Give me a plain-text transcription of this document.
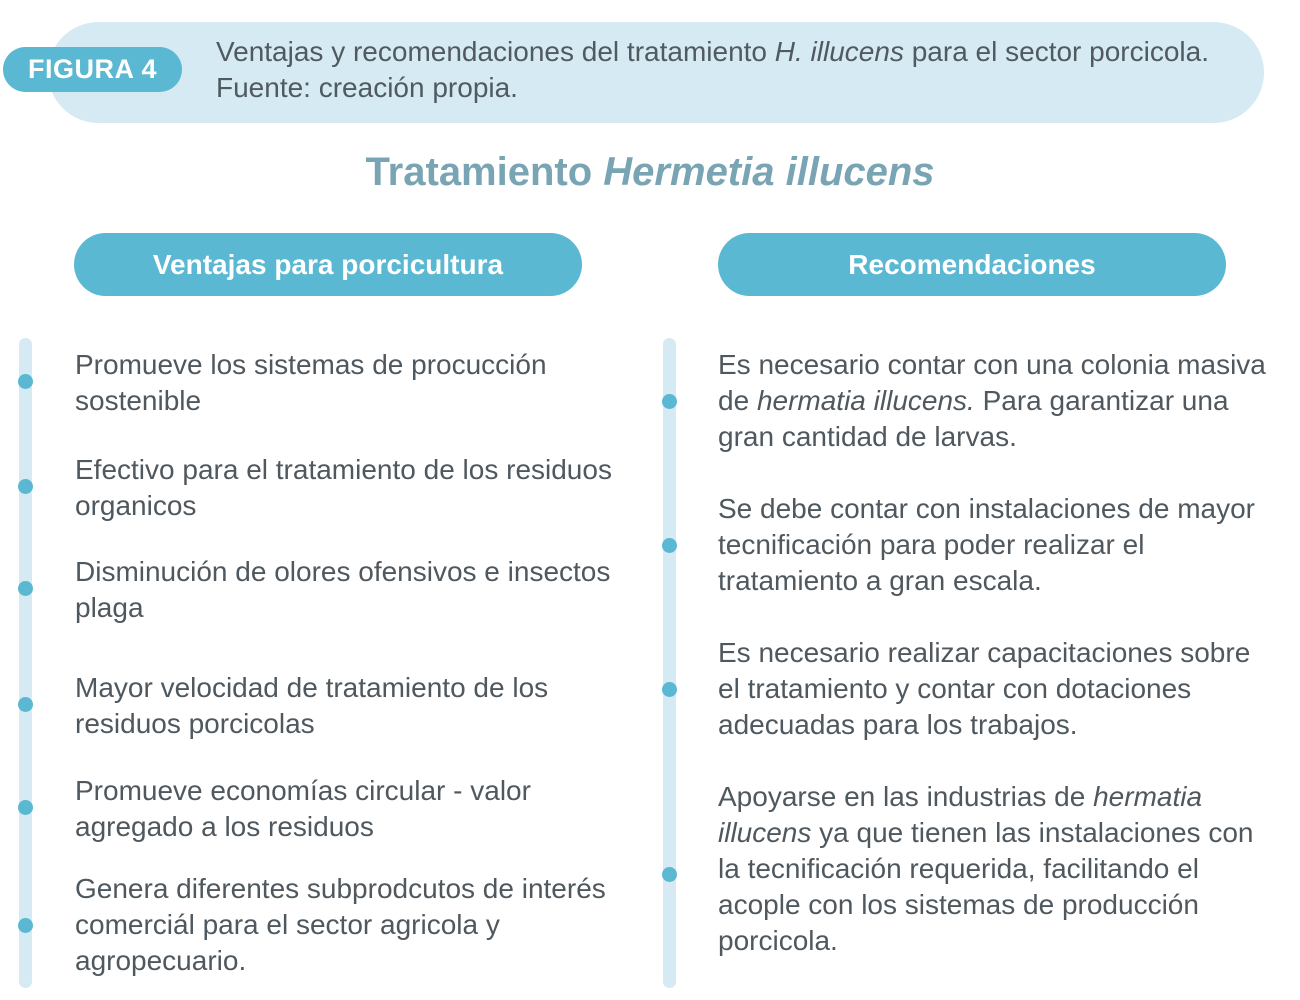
FIGURA 4
Ventajas y recomendaciones del tratamiento H. illucens para el sector porcicola. Fuente: creación propia.
Tratamiento Hermetia illucens
Ventajas para porcicultura	Recomendaciones
Promueve los sistemas de procucción sostenible
Efectivo para el tratamiento de los residuos organicos
Disminución de olores ofensivos e insectos plaga
Mayor velocidad de tratamiento de los residuos porcicolas
Promueve economías circular - valor agregado a los residuos
Genera diferentes subprodcutos de interés comerciál para el sector agricola y agropecuario.
Es necesario contar con una colonia masiva de hermatia illucens. Para garantizar una gran cantidad de larvas.
Se debe contar con instalaciones de mayor tecnificación para poder realizar el tratamiento a gran escala.
Es necesario realizar capacitaciones sobre el tratamiento y contar con dotaciones adecuadas para los trabajos.
Apoyarse en las industrias de hermatia illucens ya que tienen las instalaciones con la tecnificación requerida, facilitando el acople con los sistemas de producción porcicola.
